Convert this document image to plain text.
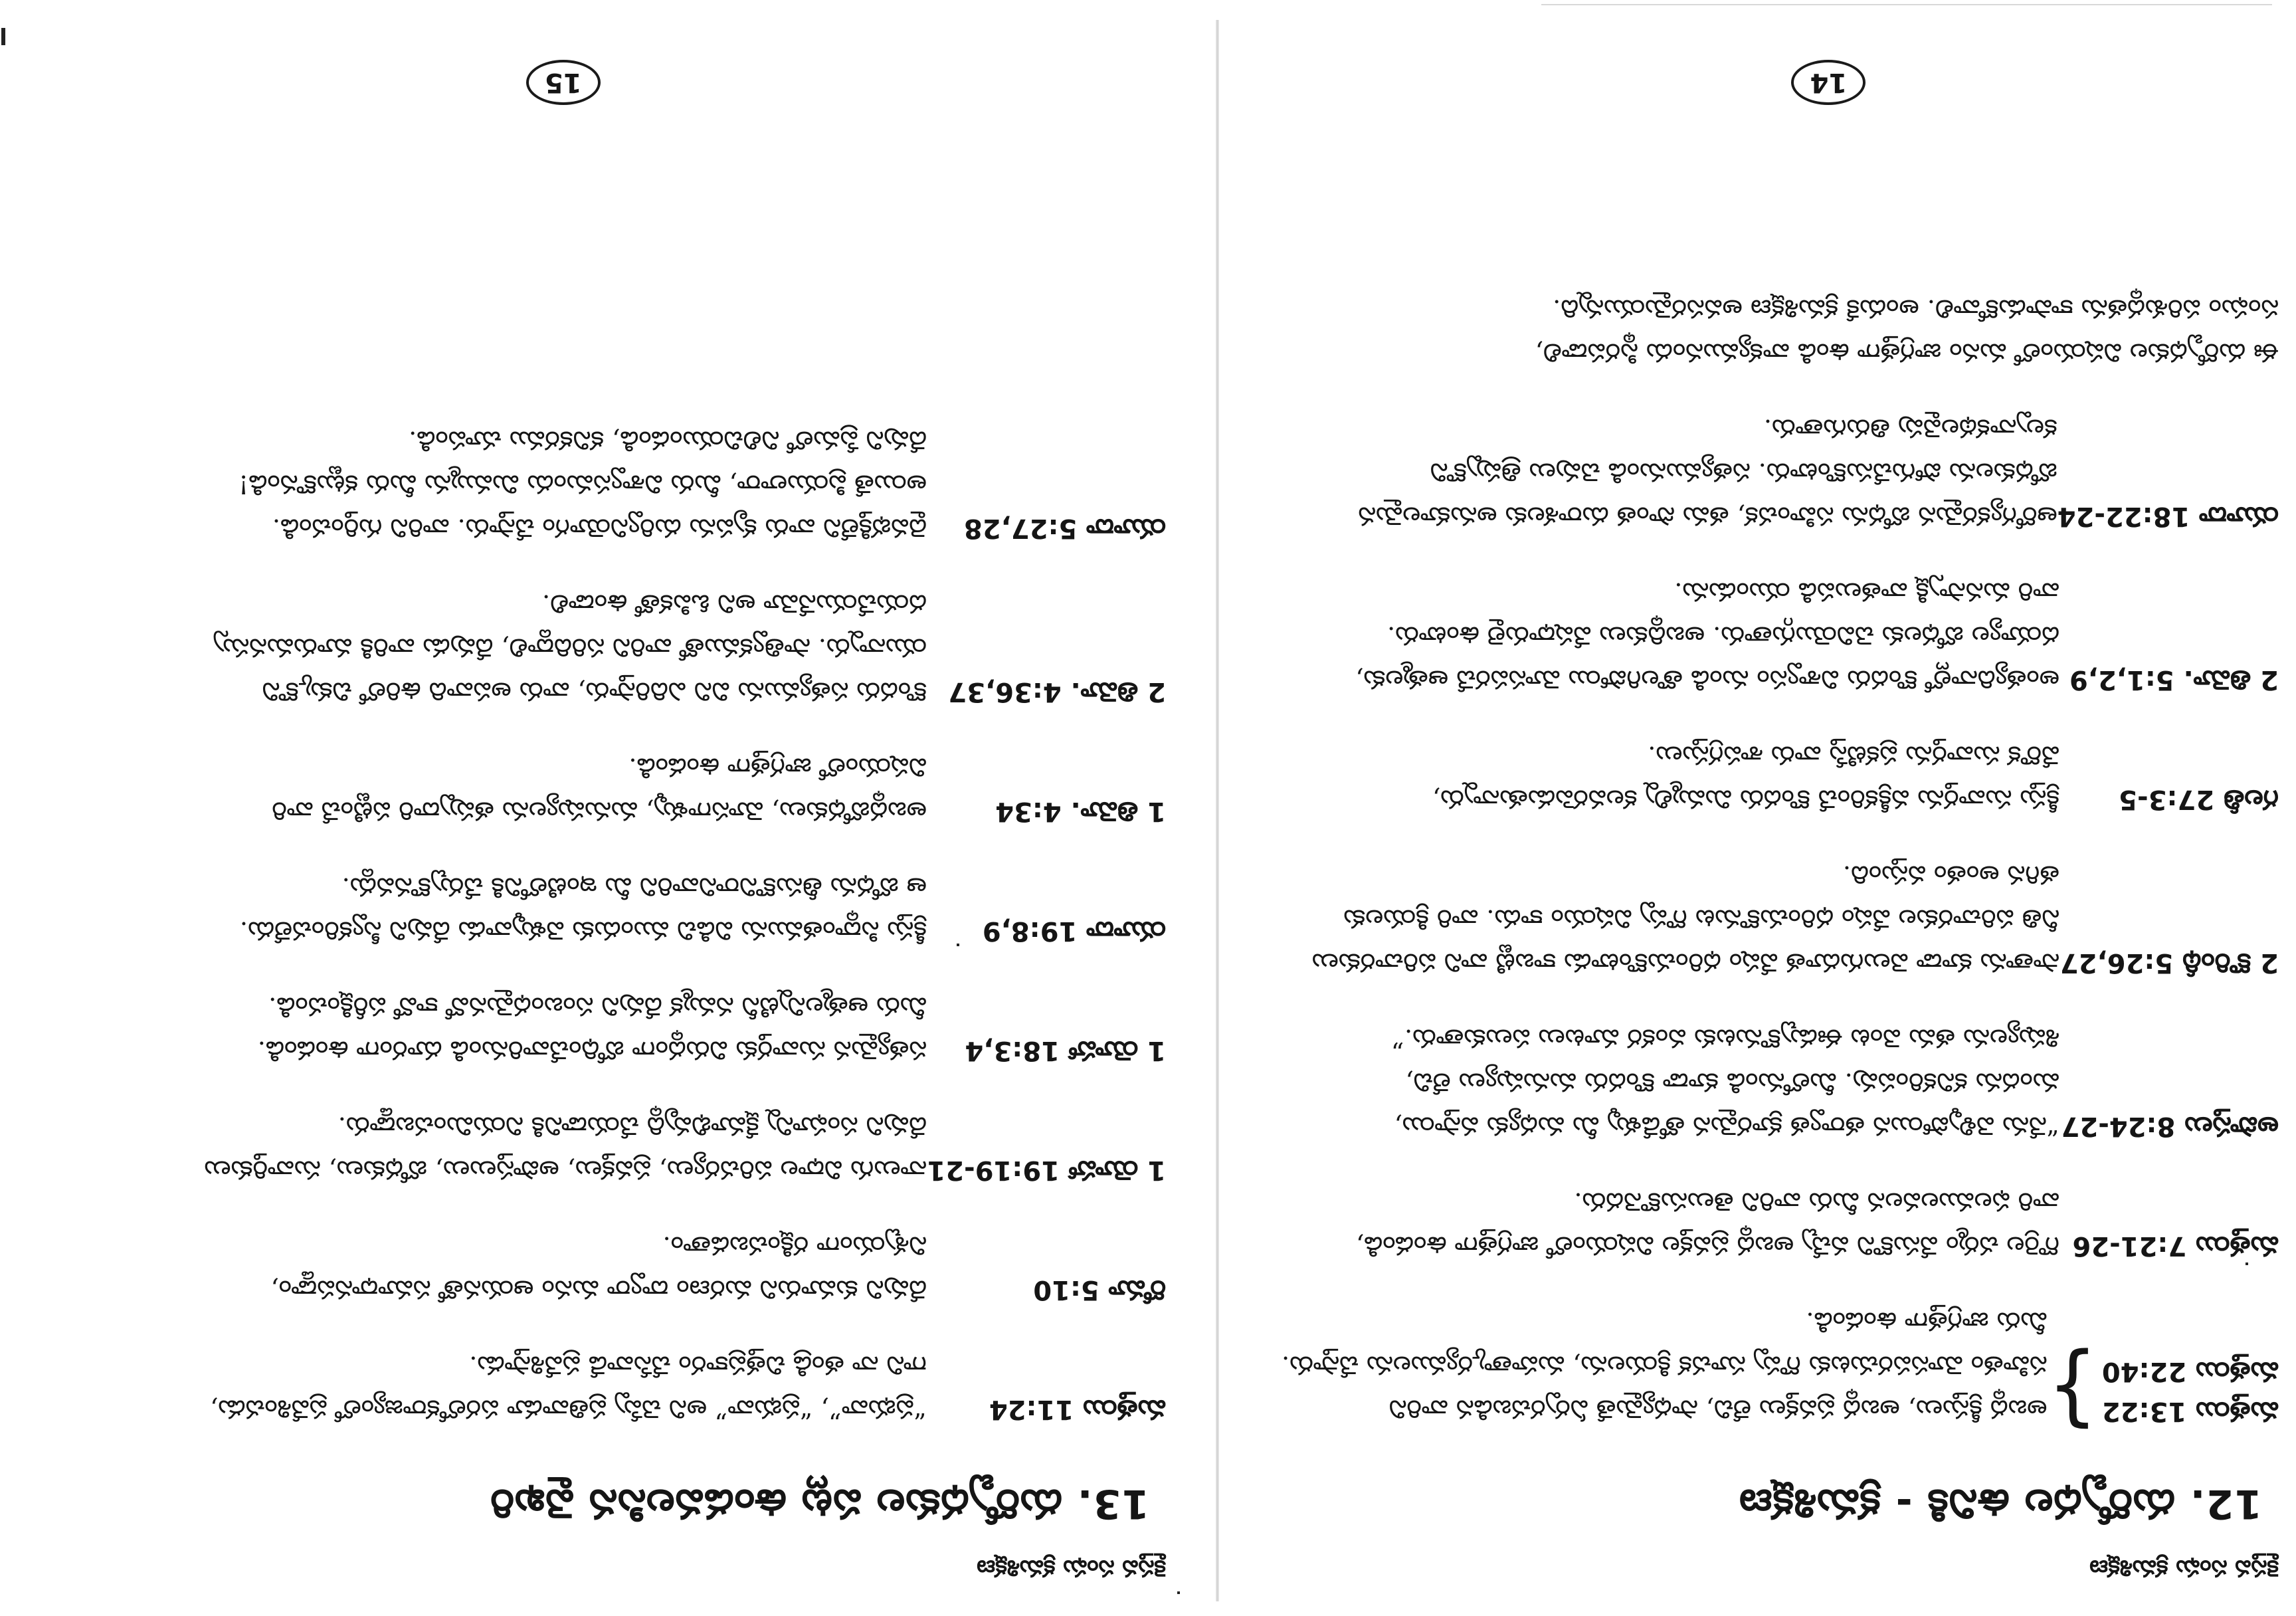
కైస్తవ సంఘ క్రమశిక్షణ
13. దుర్బోధకుల పట్ల ఉండవలసిన వైఖరి
మత్తయి 11:24
“ప్రభువా”, “ప్రభువా” అని చెప్పే ప్రతివాడూ పరలోకరాజ్యంలో ప్రవేశించడు,
గాని నా తండ్రి చిత్తప్రకారం చేసేవాడే ప్రవేశిస్తాడు.
రోమా 5:10
దేవుని కుమారుని మరణం ద్వారా మనం ఆయనతో సమాధానపడ్డాం,
నిశ్చయంగా రక్షించబడతాం.
1 యోహా 19:19-21
నాలుగు విధాల పరిచర్యలు, ప్రవక్తలు, అపొస్తలులు, బోధకులు, సువార్తికులు
దేవుని సంఘాన్ని క్షేమాభివృద్ధి చేయడానికి నియమించబడ్డారు.
1 యోహా 18:3,4
సత్యమైన సువార్తకు విరుద్ధంగా బోధించేవారినుండి దూరంగా ఉండండి.
మీరు ఆత్మలన్నిటినీ నమ్మక దేవుని సంబంధమైనవో కావో పరీక్షించండి.
యూదా 19:8,9
క్రీస్తు సిద్ధాంతమును విడిచి ముందుకు వెళ్ళువాడు దేవుని స్వీకరించలేదు.
ఆ బోధను తీసుకొనిరానివారిని మీ ఇంటిలోనికి చేర్చుకొనవద్దు.
1 తిమో. 4:34
అబద్ధబోధకులు, మోసగాళ్ళు, మనుష్యులను తప్పుదారి పట్టించే వారి
విషయంలో జాగ్రత్తగా ఉండండి.
2 తిమో. 4:36,37
కొందరు సత్యమును విని ఎదిరిస్తారు, వారు అపవాది ఉరిలో చిక్కుకొని
యున్నారు. సాత్వికముతో వారిని సరిదిద్దాలి, దేవుడు వారికి మారుమనస్సు
దయచేయునేమో అని ఓపికతో ఉండాలి.
యూదా 5:27,28
దైవభక్తిలేని వారు కృపను దుర్వినియోగం చేస్తారు. వారిని గుర్తించండి.
అయితే ప్రియులారా, మీరు విశ్వాసమందు మిమ్మును మీరు కట్టుకొనండి!
దేవుని ప్రేమలో నిలిచియుండండి, కనికరము చూపండి.
15
కైస్తవ సంఘ క్రమశిక్షణ
12. దుర్బోధల ఉనికి - క్రమశిక్షణ
మత్తయి 13:22
మత్తయి 22:40
}
అబద్ధ క్రీస్తులు, అబద్ధ ప్రవక్తలు లేచి, సాధ్యమైతే ఏర్పరచబడిన వారిని
సహితం మోసపరచుటకు గొప్ప సూచక క్రియలను, మహత్కార్యములను చేస్తారు.
మీరు జాగ్రత్తగా ఉండండి.
మత్తయి 7:21-26
గొర్రెల చర్మం వేసుకొని వచ్చే అబద్ధ ప్రవక్తల విషయంలో జాగ్రత్తగా ఉండండి,
వారి ఫలములవలన మీరు వారిని తెలుసుకొనెదరు.
అపొస్తలు 8:24-27
“నేను వెళ్ళిపోయిన తర్వాత క్రూరమైన తోడేళ్ళు మీ మధ్యకు వస్తాయి,
మందను కనికరింపవు. మీలోనుండి కూడా కొందరు మనుష్యులు లేచి,
శిష్యులను తమ వెంట ఈడ్చుకొనుటకు వంకర మాటలు పలుకుతారు.”
2 కొరింథీ 5:26,27
సాతాను కూడా వెలుగుదూత వేషం ధరించుకొంటాడు కాబట్టి వాని పరిచారకులు
నీతి పరిచారకుల వేషం ధరించుకొనుట గొప్ప విషయం కాదు. వారి క్రియలకు
తగిన అంతం వస్తుంది.
గలతీ 27:3-5
క్రీస్తు సువార్తను వక్రీకరించే కొందరు మిమ్మల్ని కలవరపెడుతున్నారు,
వేరొక సువార్తను ప్రకటిస్తే వారు శాపగ్రస్తులు.
2 తిమో. 5:1,2,9
అంత్యదినాల్లో కొందరు విశ్వాసం నుండి తొలగిపోయి మోసపరచే ఆత్మలకు,
దయ్యాల బోధలకు చెవియొగ్గుతారు. అబద్ధికులు వేషధారులై ఉంటారు.
వారి మనస్సాక్షి వాతలుపడి యుండును.
యూదా 18:22-24
ఆరోగ్యకరమైన బోధను సహించక, తమ సొంత దురాశలకు అనుకూలమైన
బోధకులను పోగుచేసుకొంటారు. సత్యమునుండి చెవులు త్రిప్పుకొని
కల్పనాకథలవైపు తిరుగుతారు.
ఈ దుర్బోధకుల విషయంలో మనం జాగ్రత్తగా ఉండి వాక్యమునందు స్థిరపడాలి,
సంఘం పరిశుద్ధతను కాపాడుకోవాలి. అందుకే క్రమశిక్షణ అవసరమైయున్నది.
14
